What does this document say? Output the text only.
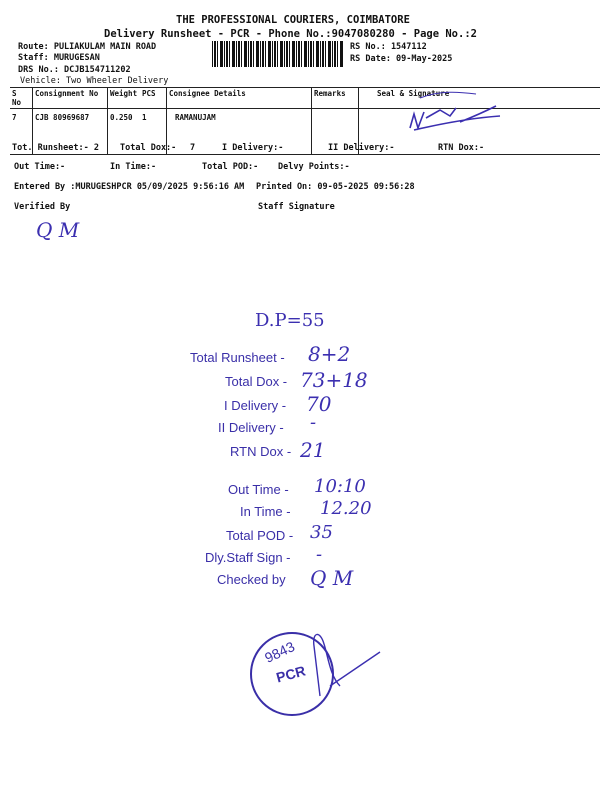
THE PROFESSIONAL COURIERS, COIMBATORE
Delivery Runsheet - PCR - Phone No.:9047080280 - Page No.:2
Route: PULIAKULAM MAIN ROAD
Staff: MURUGESAN
DRS No.: DCJB154711202
Vehicle: Two Wheeler Delivery
RS No.: 1547112
RS Date: 09-May-2025
S No	Consignment No	Weight	PCS	Consignee Details	Remarks	Seal & Signature
7	CJB 80969687	0.250	1	RAMANUJAM		
Tot. Runsheet:- 2 Total Dox:- 7	I Delivery:-	II Delivery:-	RTN Dox:-
Out Time:-	In Time:-	Total POD:- Delvy Points:-
Entered By :MURUGESHPCR 05/09/2025 9:56:16 AM Printed On: 09-05-2025 09:56:28
Verified By	Staff Signature
Q M
D.P=55
Total Runsheet - 8+2
Total Dox - 73+18
I Delivery - 70
II Delivery - -
RTN Dox - 21
Out Time - 10:10
In Time - 12.20
Total POD - 35
Dly.Staff Sign - -
Checked by Q M
9843
PCR
